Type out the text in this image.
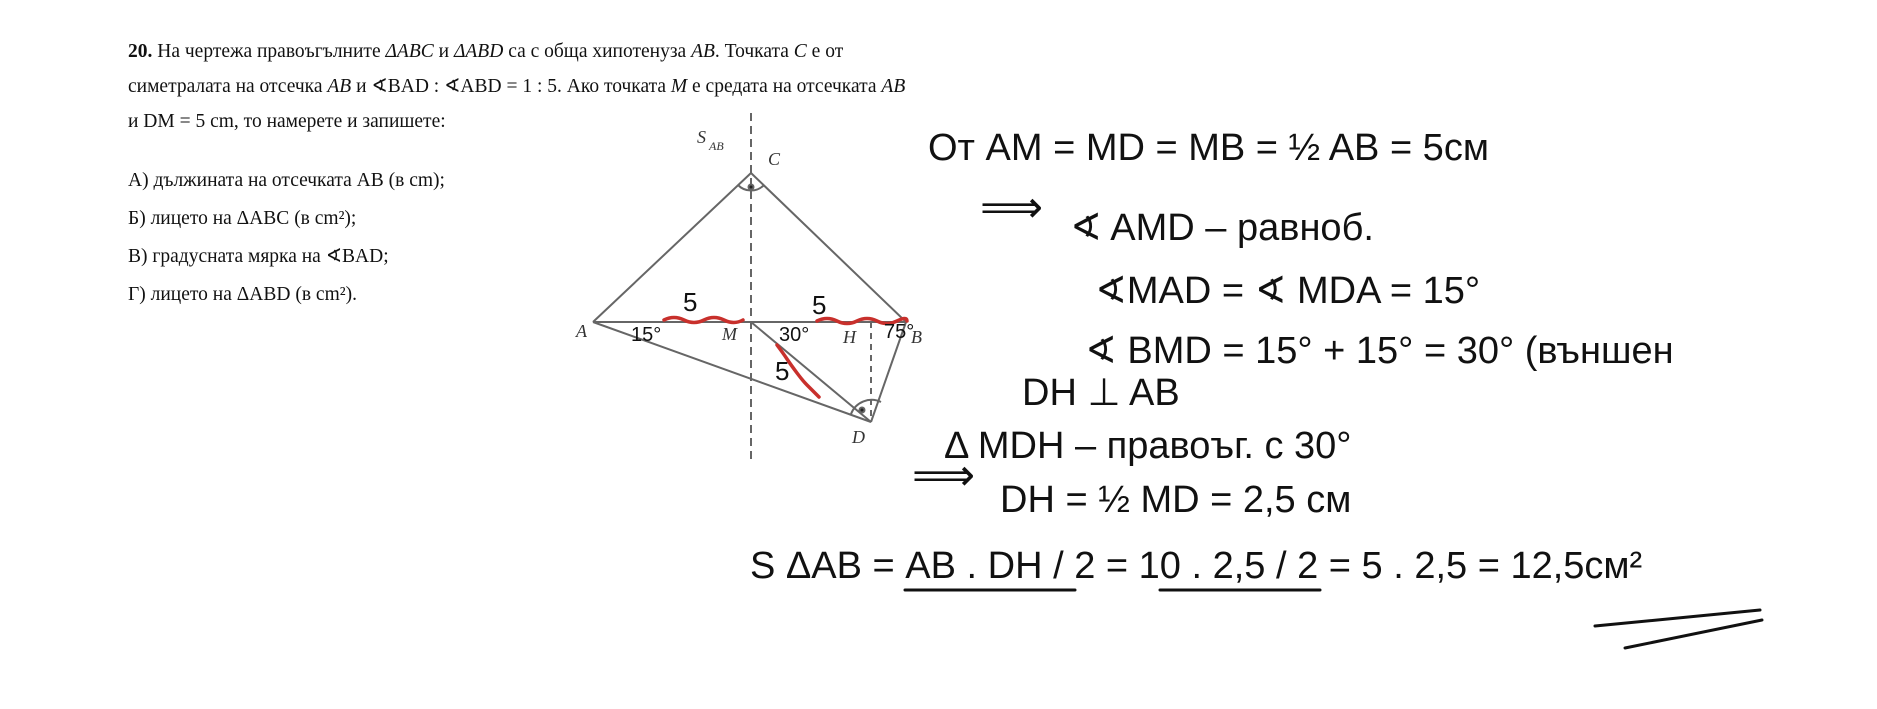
20. На чертежа правоъгълните ΔABC и ΔABD са с обща хипотенуза AB. Точката C е от

симетралата на отсечка AB и ∢BAD : ∢ABD = 1 : 5. Ако точката M е средата на отсечката AB

и DM = 5 cm, то намерете и запишете:

А) дължината на отсечката AB (в cm);
Б) лицето на ΔABC (в cm²);
В) градусната мярка на ∢BAD;
Г) лицето на ΔABD (в cm²).
S AB
C
A	M	H	B
D
5	5
5
15°	30°	75°
От AM = MD = MB = ½ AB = 5см
⟹ ∢ AMD – равноб.
∢MAD = ∢ MDA = 15°
∢ BMD = 15° + 15° = 30° (външен
DH ⊥ AB
Δ MDH – правоъг. с 30°
⟹ DH = ½ MD = 2,5 см
S ΔАВ = AB . DH / 2 = 10 . 2,5 / 2 = 5 . 2,5 = 12,5см²
